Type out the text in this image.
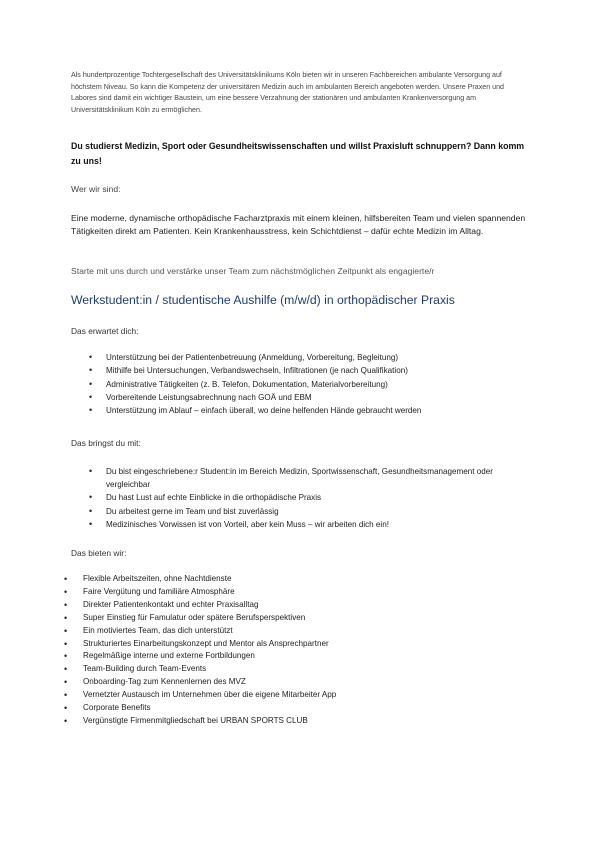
Als hundertprozentige Tochtergesellschaft des Universitätsklinikums Köln bieten wir in unseren Fachbereichen ambulante Versorgung auf höchstem Niveau. So kann die Kompetenz der universitären Medizin auch im ambulanten Bereich angeboten werden. Unsere Praxen und Labores sind damit ein wichtiger Baustein, um eine bessere Verzahnung der stationären und ambulanten Krankenversorgung am Universitätsklinikum Köln zu ermöglichen.

Du studierst Medizin, Sport oder Gesundheitswissenschaften und willst Praxisluft schnuppern? Dann komm zu uns!

Wer wir sind:

Eine moderne, dynamische orthopädische Facharztpraxis mit einem kleinen, hilfsbereiten Team und vielen spannenden Tätigkeiten direkt am Patienten. Kein Krankenhausstress, kein Schichtdienst – dafür echte Medizin im Alltag.

Starte mit uns durch und verstärke unser Team zum nächstmöglichen Zeitpunkt als engagierte/r

Werkstudent:in / studentische Aushilfe (m/w/d) in orthopädischer Praxis

Das erwartet dich:

• Unterstützung bei der Patientenbetreuung (Anmeldung, Vorbereitung, Begleitung)
• Mithilfe bei Untersuchungen, Verbandswechseln, Infiltrationen (je nach Qualifikation)
• Administrative Tätigkeiten (z. B. Telefon, Dokumentation, Materialvorbereitung)
• Vorbereitende Leistungsabrechnung nach GOÄ und EBM
• Unterstützung im Ablauf – einfach überall, wo deine helfenden Hände gebraucht werden

Das bringst du mit:

• Du bist eingeschriebene:r Student:in im Bereich Medizin, Sportwissenschaft, Gesundheitsmanagement oder vergleichbar
• Du hast Lust auf echte Einblicke in die orthopädische Praxis
• Du arbeitest gerne im Team und bist zuverlässig
• Medizinisches Vorwissen ist von Vorteil, aber kein Muss – wir arbeiten dich ein!

Das bieten wir:

• Flexible Arbeitszeiten, ohne Nachtdienste
• Faire Vergütung und familiäre Atmosphäre
• Direkter Patientenkontakt und echter Praxisalltag
• Super Einstieg für Famulatur oder spätere Berufsperspektiven
• Ein motiviertes Team, das dich unterstützt
• Strukturiertes Einarbeitungskonzept und Mentor als Ansprechpartner
• Regelmäßige interne und externe Fortbildungen
• Team-Building durch Team-Events
• Onboarding-Tag zum Kennenlernen des MVZ
• Vernetzter Austausch im Unternehmen über die eigene Mitarbeiter App
• Corporate Benefits
• Vergünstigte Firmenmitgliedschaft bei URBAN SPORTS CLUB
